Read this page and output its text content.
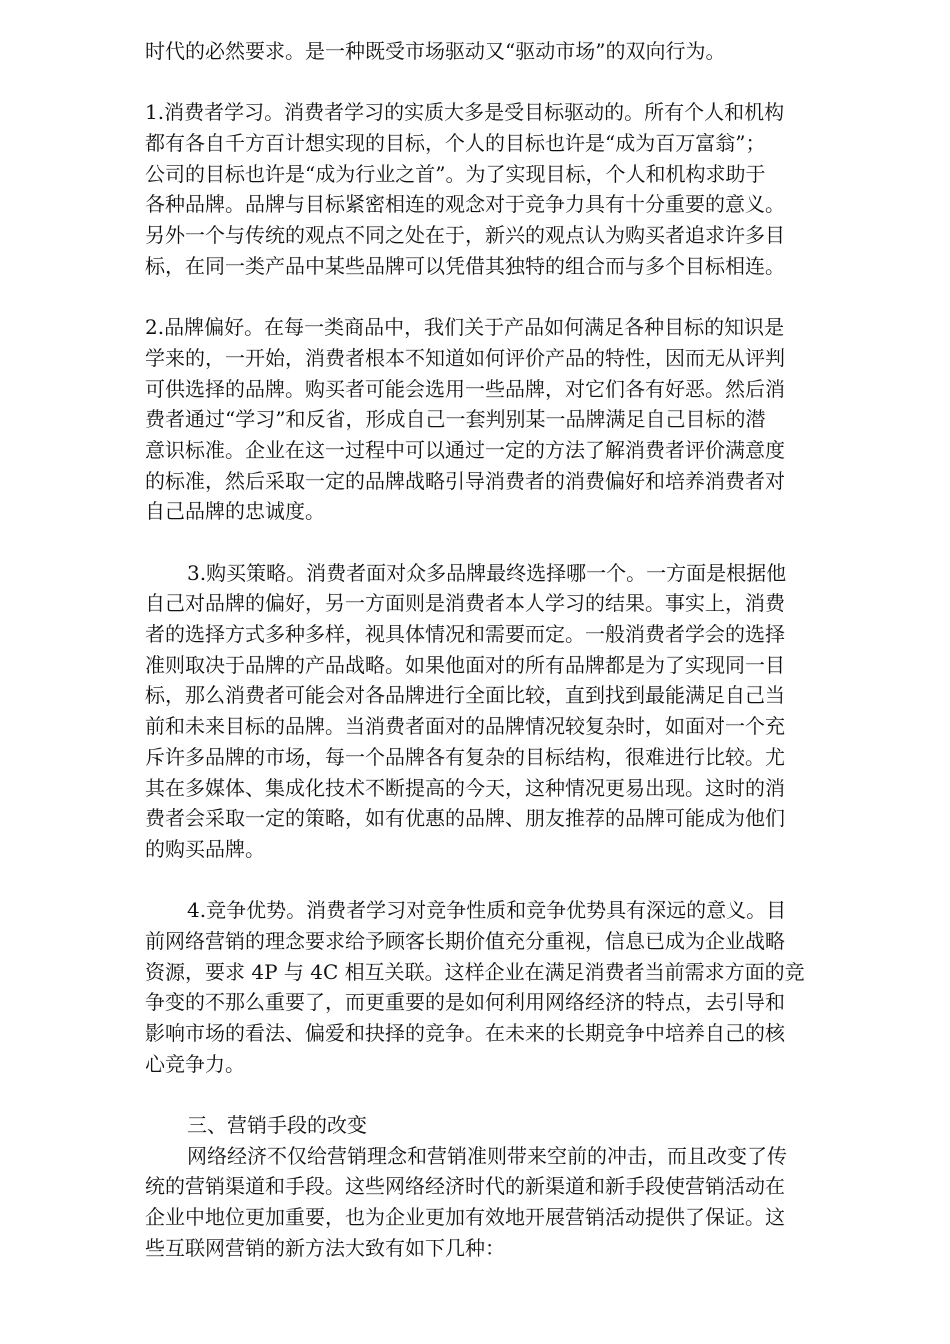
时代的必然要求。是一种既受市场驱动又“驱动市场”的双向行为。
1.消费者学习。消费者学习的实质大多是受目标驱动的。所有个人和机构
都有各自千方百计想实现的目标，个人的目标也许是“成为百万富翁”；
公司的目标也许是“成为行业之首”。为了实现目标，个人和机构求助于
各种品牌。品牌与目标紧密相连的观念对于竞争力具有十分重要的意义。
另外一个与传统的观点不同之处在于，新兴的观点认为购买者追求许多目
标，在同一类产品中某些品牌可以凭借其独特的组合而与多个目标相连。
2.品牌偏好。在每一类商品中，我们关于产品如何满足各种目标的知识是
学来的，一开始，消费者根本不知道如何评价产品的特性，因而无从评判
可供选择的品牌。购买者可能会选用一些品牌，对它们各有好恶。然后消
费者通过“学习”和反省，形成自己一套判别某一品牌满足自己目标的潜
意识标准。企业在这一过程中可以通过一定的方法了解消费者评价满意度
的标准，然后采取一定的品牌战略引导消费者的消费偏好和培养消费者对
自己品牌的忠诚度。
3.购买策略。消费者面对众多品牌最终选择哪一个。一方面是根据他
自己对品牌的偏好，另一方面则是消费者本人学习的结果。事实上，消费
者的选择方式多种多样，视具体情况和需要而定。一般消费者学会的选择
准则取决于品牌的产品战略。如果他面对的所有品牌都是为了实现同一目
标，那么消费者可能会对各品牌进行全面比较，直到找到最能满足自己当
前和未来目标的品牌。当消费者面对的品牌情况较复杂时，如面对一个充
斥许多品牌的市场，每一个品牌各有复杂的目标结构，很难进行比较。尤
其在多媒体、集成化技术不断提高的今天，这种情况更易出现。这时的消
费者会采取一定的策略，如有优惠的品牌、朋友推荐的品牌可能成为他们
的购买品牌。
4.竞争优势。消费者学习对竞争性质和竞争优势具有深远的意义。目
前网络营销的理念要求给予顾客长期价值充分重视，信息已成为企业战略
资源，要求 4P 与 4C 相互关联。这样企业在满足消费者当前需求方面的竞
争变的不那么重要了，而更重要的是如何利用网络经济的特点，去引导和
影响市场的看法、偏爱和抉择的竞争。在未来的长期竞争中培养自己的核
心竞争力。
三、营销手段的改变
网络经济不仅给营销理念和营销准则带来空前的冲击，而且改变了传
统的营销渠道和手段。这些网络经济时代的新渠道和新手段使营销活动在
企业中地位更加重要，也为企业更加有效地开展营销活动提供了保证。这
些互联网营销的新方法大致有如下几种：
